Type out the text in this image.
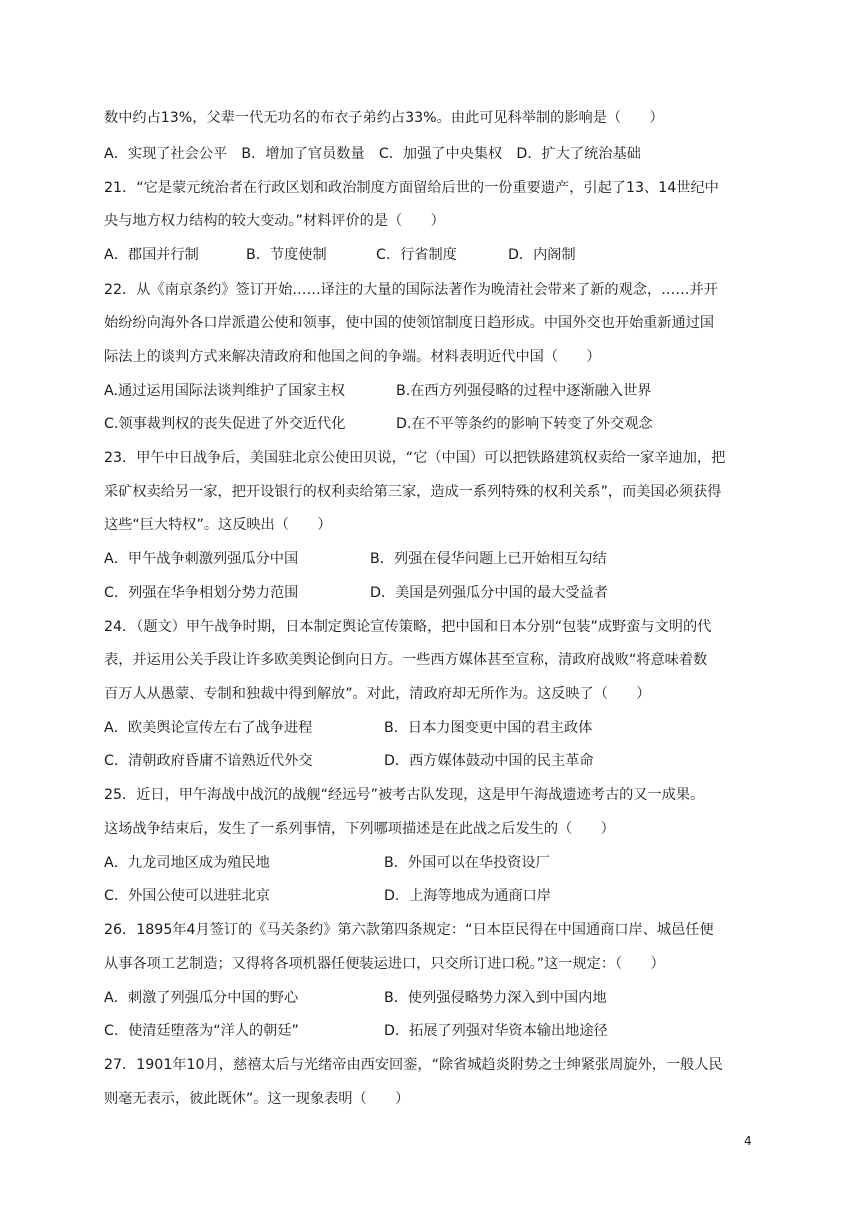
数中约占13%，父辈一代无功名的布衣子弟约占33%。由此可见科举制的影响是（　　）
A．实现了社会公平　B．增加了官员数量　C．加强了中央集权　D．扩大了统治基础
21．“它是蒙元统治者在行政区划和政治制度方面留给后世的一份重要遗产，引起了13、14世纪中
央与地方权力结构的较大变动。”材料评价的是（　　）
A．郡国并行制	B．节度使制	C．行省制度	D．内阁制
22．从《南京条约》签订开始……译注的大量的国际法著作为晚清社会带来了新的观念，……并开
始纷纷向海外各口岸派遣公使和领事，使中国的使领馆制度日趋形成。中国外交也开始重新通过国
际法上的谈判方式来解决清政府和他国之间的争端。材料表明近代中国（　　）
A.通过运用国际法谈判维护了国家主权	B.在西方列强侵略的过程中逐渐融入世界
C.领事裁判权的丧失促进了外交近代化	D.在不平等条约的影响下转变了外交观念
23．甲午中日战争后，美国驻北京公使田贝说，“它（中国）可以把铁路建筑权卖给一家辛迪加，把
采矿权卖给另一家，把开设银行的权利卖给第三家，造成一系列特殊的权利关系”，而美国必须获得
这些“巨大特权”。这反映出（　　）
A．甲午战争刺激列强瓜分中国	B．列强在侵华问题上已开始相互勾结
C．列强在华争相划分势力范围	D．美国是列强瓜分中国的最大受益者
24．（题文）甲午战争时期，日本制定舆论宣传策略，把中国和日本分别“包装”成野蛮与文明的代
表，并运用公关手段让许多欧美舆论倒向日方。一些西方媒体甚至宣称，清政府战败“将意味着数
百万人从愚蒙、专制和独裁中得到解放”。对此，清政府却无所作为。这反映了（　　）
A．欧美舆论宣传左右了战争进程	B．日本力图变更中国的君主政体
C．清朝政府昏庸不谙熟近代外交	D．西方媒体鼓动中国的民主革命
25．近日，甲午海战中战沉的战舰“经远号”被考古队发现，这是甲午海战遗迹考古的又一成果。
这场战争结束后，发生了一系列事情，下列哪项描述是在此战之后发生的（　　）
A．九龙司地区成为殖民地	B．外国可以在华投资设厂
C．外国公使可以进驻北京	D．上海等地成为通商口岸
26．1895年4月签订的《马关条约》第六款第四条规定：“日本臣民得在中国通商口岸、城邑任便
从事各项工艺制造；又得将各项机器任便装运进口，只交所订进口税。”这一规定：（　　）
A．刺激了列强瓜分中国的野心	B．使列强侵略势力深入到中国内地
C．使清廷堕落为“洋人的朝廷”	D．拓展了列强对华资本输出地途径
27．1901年10月，慈禧太后与光绪帝由西安回銮，“除省城趋炎附势之士绅紧张周旋外，一般人民
则毫无表示，彼此既休”。这一现象表明（　　）
4
